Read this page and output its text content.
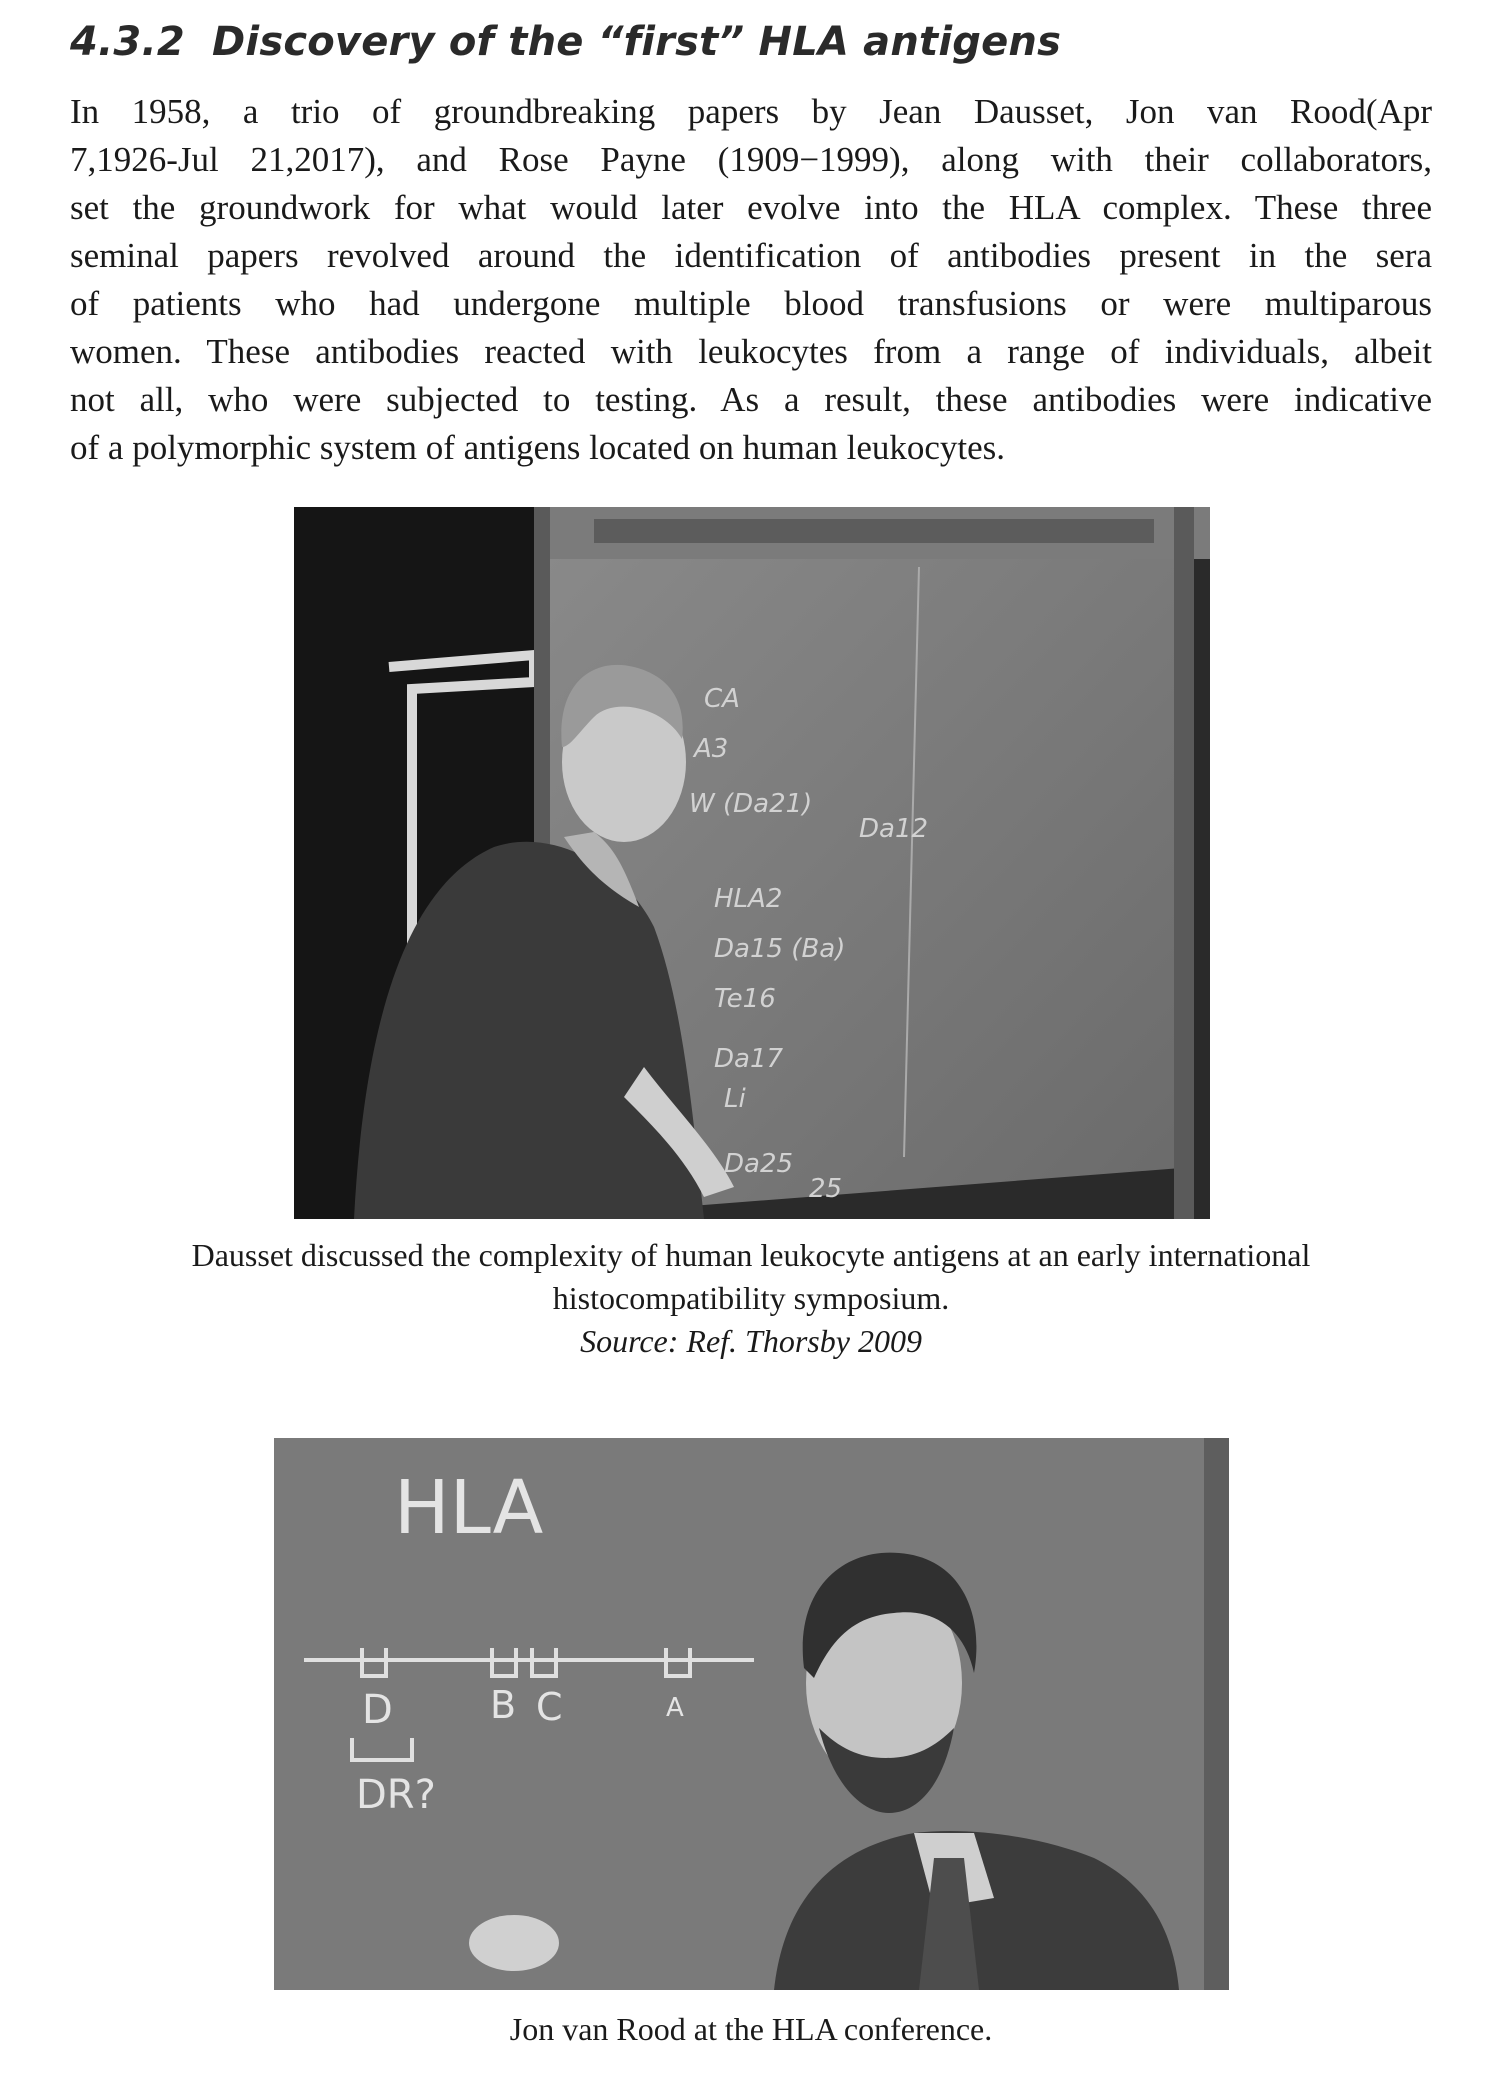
4.3.2 Discovery of the “first” HLA antigens
In 1958, a trio of groundbreaking papers by Jean Dausset, Jon van Rood(Apr
7,1926-Jul 21,2017), and Rose Payne (1909−1999), along with their collaborators,
set the groundwork for what would later evolve into the HLA complex. These three
seminal papers revolved around the identification of antibodies present in the sera
of patients who had undergone multiple blood transfusions or were multiparous
women. These antibodies reacted with leukocytes from a range of individuals, albeit
not all, who were subjected to testing. As a result, these antibodies were indicative
of a polymorphic system of antigens located on human leukocytes.
CA
A3
W (Da21)
Da12
HLA2
Da15 (Ba)
Te16
Da17
Li
Da25
25

Dausset discussed the complexity of human leukocyte antigens at an early international
histocompatibility symposium.
Source: Ref. Thorsby 2009

HLA
D	B C	A
DR?

Jon van Rood at the HLA conference.
